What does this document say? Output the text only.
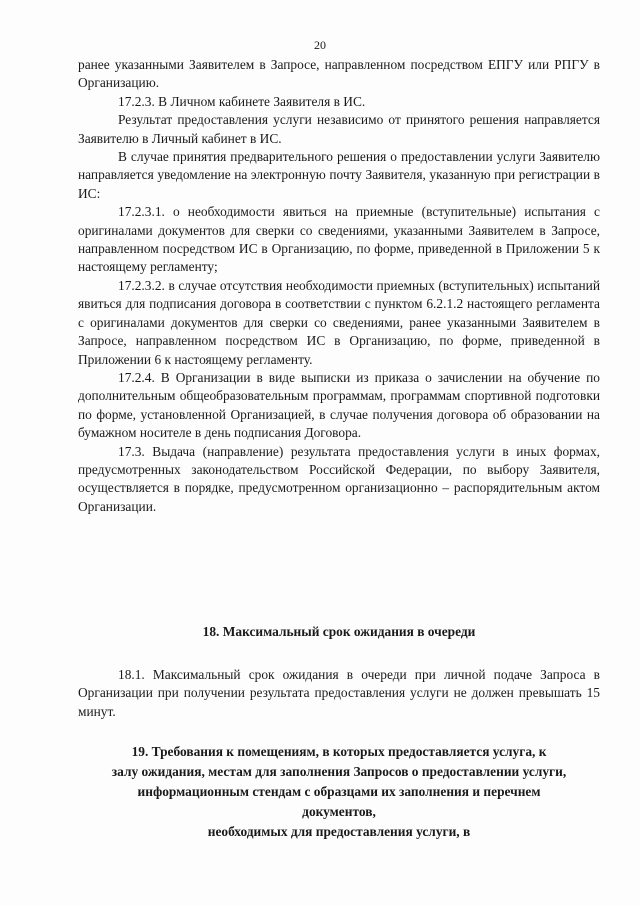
20

ранее указанными Заявителем в Запросе, направленном посредством ЕПГУ или РПГУ в Организацию.

17.2.3. В Личном кабинете Заявителя в ИС.

Результат предоставления услуги независимо от принятого решения направляется Заявителю в Личный кабинет в ИС.

В случае принятия предварительного решения о предоставлении услуги Заявителю направляется уведомление на электронную почту Заявителя, указанную при регистрации в ИС:

17.2.3.1. о необходимости явиться на приемные (вступительные) испытания с оригиналами документов для сверки со сведениями, указанными Заявителем в Запросе, направленном посредством ИС в Организацию, по форме, приведенной в Приложении 5 к настоящему регламенту;

17.2.3.2. в случае отсутствия необходимости приемных (вступительных) испытаний явиться для подписания договора в соответствии с пунктом 6.2.1.2 настоящего регламента с оригиналами документов для сверки со сведениями, ранее указанными Заявителем в Запросе, направленном посредством ИС в Организацию, по форме, приведенной в Приложении 6 к настоящему регламенту.

17.2.4. В Организации в виде выписки из приказа о зачислении на обучение по дополнительным общеобразовательным программам, программам спортивной подготовки по форме, установленной Организацией, в случае получения договора об образовании на бумажном носителе в день подписания Договора.

17.3. Выдача (направление) результата предоставления услуги в иных формах, предусмотренных законодательством Российской Федерации, по выбору Заявителя, осуществляется в порядке, предусмотренном организационно – распорядительным актом Организации.

18. Максимальный срок ожидания в очереди

18.1. Максимальный срок ожидания в очереди при личной подаче Запроса в Организации при получении результата предоставления услуги не должен превышать 15 минут.

19. Требования к помещениям, в которых предоставляется услуга, к
залу ожидания, местам для заполнения Запросов о предоставлении услуги,
информационным стендам с образцами их заполнения и перечнем
документов,
необходимых для предоставления услуги, в
